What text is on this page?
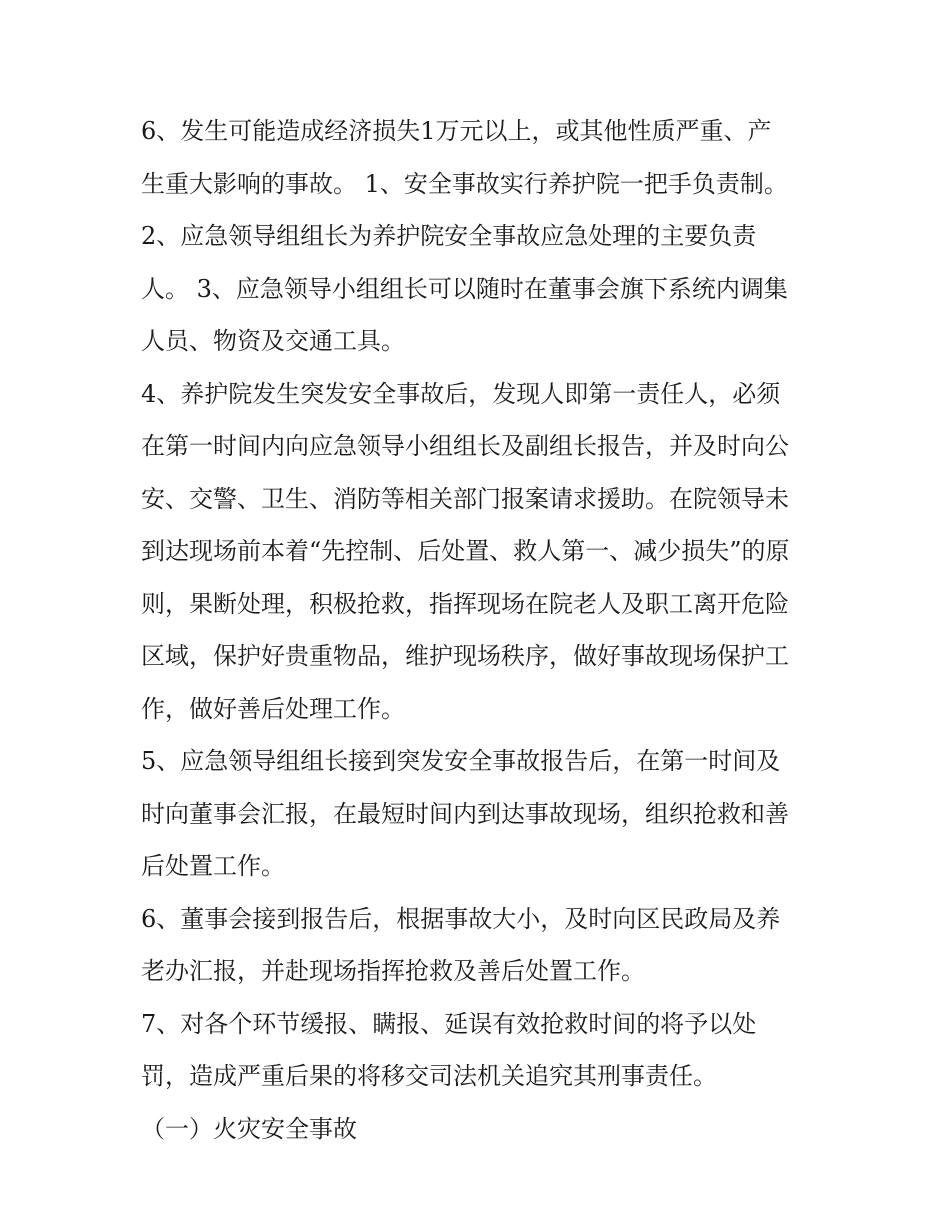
6、发生可能造成经济损失1万元以上，或其他性质严重、产
生重大影响的事故。 1、安全事故实行养护院一把手负责制。
2、应急领导组组长为养护院安全事故应急处理的主要负责
人。 3、应急领导小组组长可以随时在董事会旗下系统内调集
人员、物资及交通工具。
4、养护院发生突发安全事故后，发现人即第一责任人，必须
在第一时间内向应急领导小组组长及副组长报告，并及时向公
安、交警、卫生、消防等相关部门报案请求援助。在院领导未
到达现场前本着“先控制、后处置、救人第一、减少损失”的原
则，果断处理，积极抢救，指挥现场在院老人及职工离开危险
区域，保护好贵重物品，维护现场秩序，做好事故现场保护工
作，做好善后处理工作。
5、应急领导组组长接到突发安全事故报告后，在第一时间及
时向董事会汇报，在最短时间内到达事故现场，组织抢救和善
后处置工作。
6、董事会接到报告后，根据事故大小，及时向区民政局及养
老办汇报，并赴现场指挥抢救及善后处置工作。
7、对各个环节缓报、瞒报、延误有效抢救时间的将予以处
罚，造成严重后果的将移交司法机关追究其刑事责任。
（一）火灾安全事故
